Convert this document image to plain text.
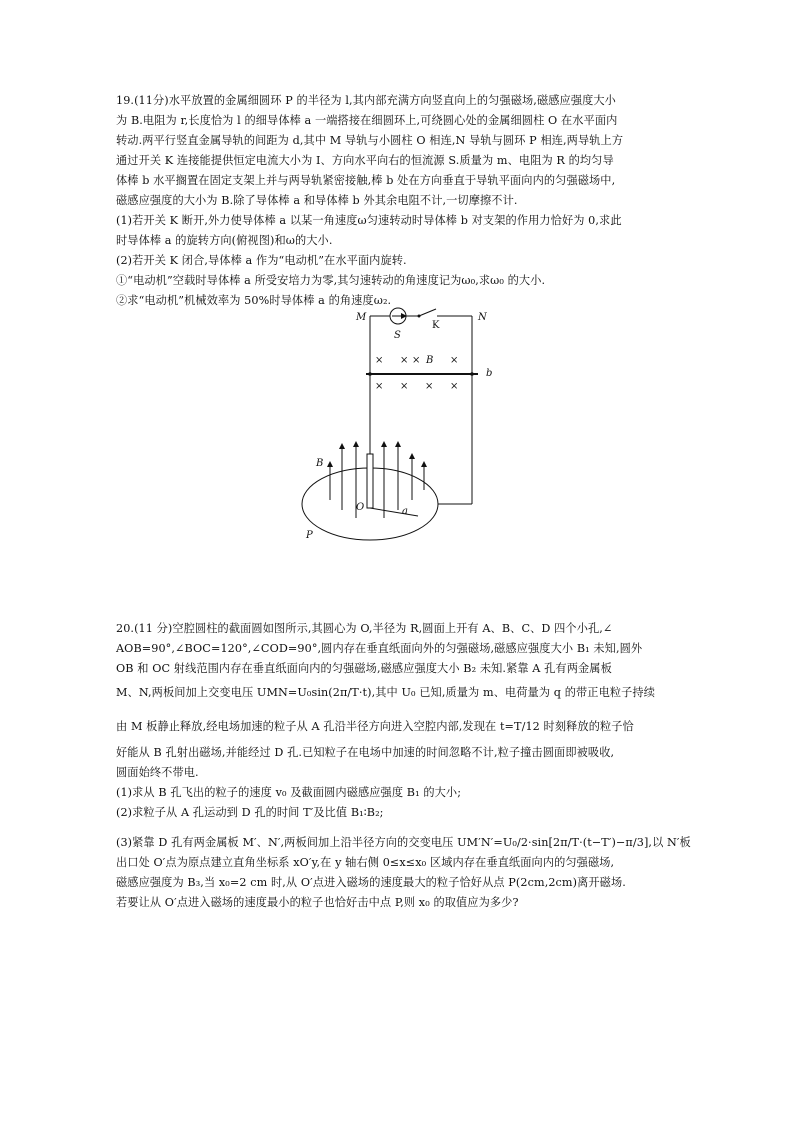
19.(11分)水平放置的金属细圆环 P 的半径为 l,其内部充满方向竖直向上的匀强磁场,磁感应强度大小
为 B.电阻为 r,长度恰为 l 的细导体棒 a 一端搭接在细圆环上,可绕圆心处的金属细圆柱 O 在水平面内
转动.两平行竖直金属导轨的间距为 d,其中 M 导轨与小圆柱 O 相连,N 导轨与圆环 P 相连,两导轨上方
通过开关 K 连接能提供恒定电流大小为 I、方向水平向右的恒流源 S.质量为 m、电阻为 R 的均匀导
体棒 b 水平搁置在固定支架上并与两导轨紧密接触,棒 b 处在方向垂直于导轨平面向内的匀强磁场中,
磁感应强度的大小为 B.除了导体棒 a 和导体棒 b 外其余电阻不计,一切摩擦不计.
(1)若开关 K 断开,外力使导体棒 a 以某一角速度ω匀速转动时导体棒 b 对支架的作用力恰好为 0,求此
时导体棒 a 的旋转方向(俯视图)和ω的大小.
(2)若开关 K 闭合,导体棒 a 作为“电动机”在水平面内旋转.
①“电动机”空载时导体棒 a 所受安培力为零,其匀速转动的角速度记为ω₀,求ω₀ 的大小.
②求“电动机”机械效率为 50%时导体棒 a 的角速度ω₂.
× × B ×
× × × ×
×
M	N
S
K
b
B
O	a
P
20.(11 分)空腔圆柱的截面圆如图所示,其圆心为 O,半径为 R,圆面上开有 A、B、C、D 四个小孔,∠
AOB=90°,∠BOC=120°,∠COD=90°,圆内存在垂直纸面向外的匀强磁场,磁感应强度大小 B₁ 未知,圆外
OB 和 OC 射线范围内存在垂直纸面向内的匀强磁场,磁感应强度大小 B₂ 未知.紧靠 A 孔有两金属板
M、N,两板间加上交变电压 UMN=U₀sin(2π/T·t),其中 U₀ 已知,质量为 m、电荷量为 q 的带正电粒子持续
由 M 板静止释放,经电场加速的粒子从 A 孔沿半径方向进入空腔内部,发现在 t=T/12 时刻释放的粒子恰
好能从 B 孔射出磁场,并能经过 D 孔.已知粒子在电场中加速的时间忽略不计,粒子撞击圆面即被吸收,
圆面始终不带电.
(1)求从 B 孔飞出的粒子的速度 v₀ 及截面圆内磁感应强度 B₁ 的大小;
(2)求粒子从 A 孔运动到 D 孔的时间 T′及比值 B₁∶B₂;
(3)紧靠 D 孔有两金属板 M′、N′,两板间加上沿半径方向的交变电压 UM′N′=U₀/2·sin[2π/T·(t−T′)−π/3],以 N′板
出口处 O′点为原点建立直角坐标系 xO′y,在 y 轴右侧 0≤x≤x₀ 区域内存在垂直纸面向内的匀强磁场,
磁感应强度为 B₃,当 x₀=2 cm 时,从 O′点进入磁场的速度最大的粒子恰好从点 P(2cm,2cm)离开磁场.
若要让从 O′点进入磁场的速度最小的粒子也恰好击中点 P,则 x₀ 的取值应为多少?
